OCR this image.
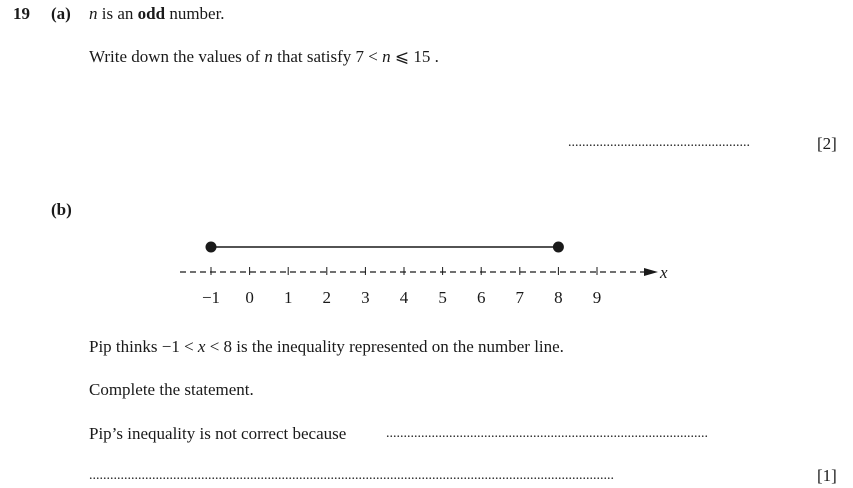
19 (a) n is an odd number.
Write down the values of n that satisfy 7 < n ⩽ 15 .
....................................................	[2]
(b)
x
−1 0 1 2 3 4 5 6 7 8 9
Pip thinks −1 < x < 8 is the inequality represented on the number line.
Complete the statement.
Pip’s inequality is not correct because	............................................................................................
......................................................................................................................................................	[1]
